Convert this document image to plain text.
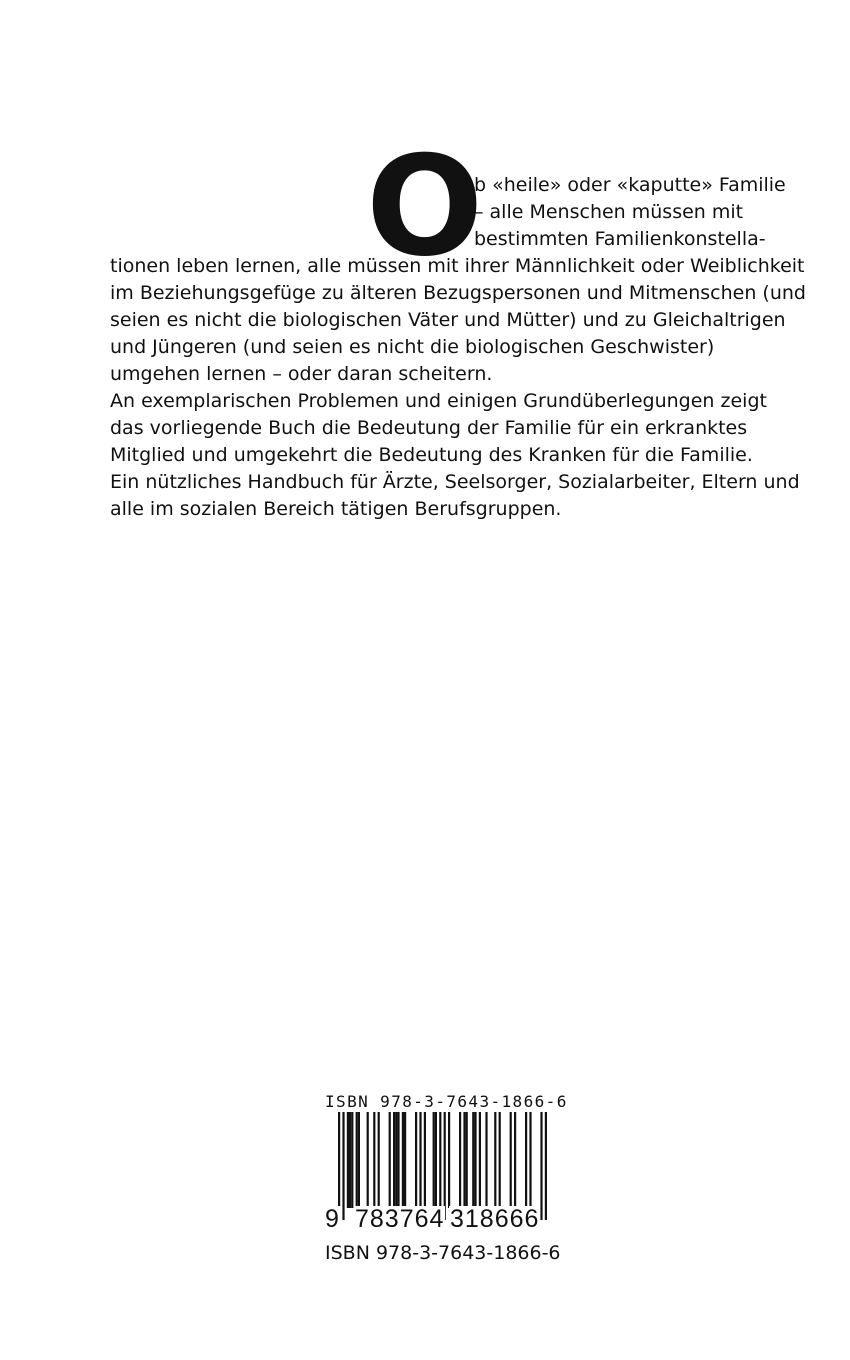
O
b «heile» oder «kaputte» Familie
– alle Menschen müssen mit
bestimmten Familienkonstella-
tionen leben lernen, alle müssen mit ihrer Männlichkeit oder Weiblichkeit
im Beziehungsgefüge zu älteren Bezugspersonen und Mitmenschen (und
seien es nicht die biologischen Väter und Mütter) und zu Gleichaltrigen
und Jüngeren (und seien es nicht die biologischen Geschwister)
umgehen lernen – oder daran scheitern.
An exemplarischen Problemen und einigen Grundüberlegungen zeigt
das vorliegende Buch die Bedeutung der Familie für ein erkranktes
Mitglied und umgekehrt die Bedeutung des Kranken für die Familie.
Ein nützliches Handbuch für Ärzte, Seelsorger, Sozialarbeiter, Eltern und
alle im sozialen Bereich tätigen Berufsgruppen.
ISBN 978-3-7643-1866-6
9 783764 318666
ISBN 978-3-7643-1866-6
